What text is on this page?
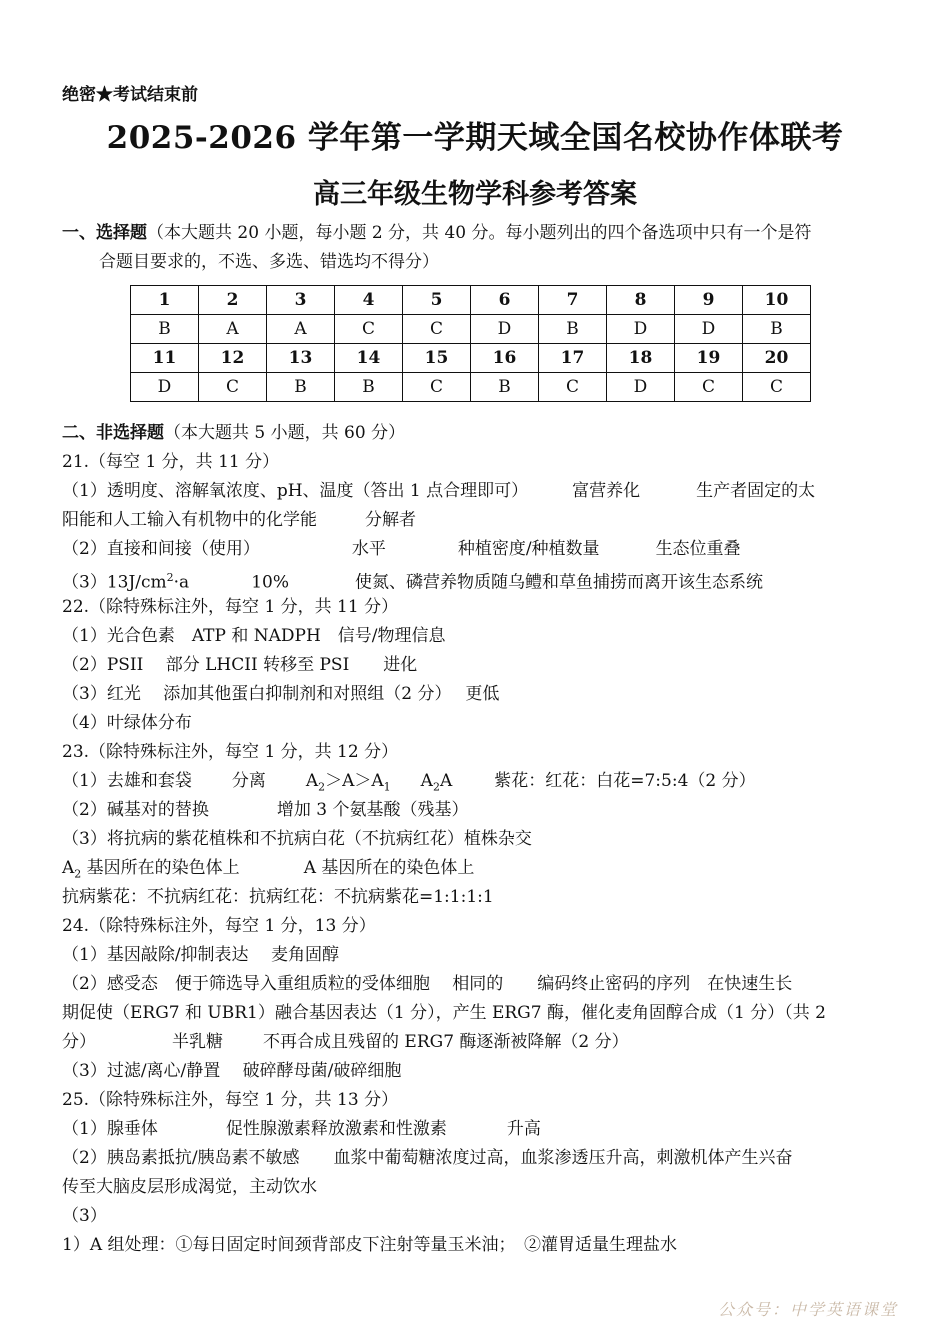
绝密★考试结束前
2025-2026 学年第一学期天域全国名校协作体联考
高三年级生物学科参考答案
一、选择题（本大题共 20 小题，每小题 2 分，共 40 分。每小题列出的四个备选项中只有一个是符
合题目要求的，不选、多选、错选均不得分）
1	2	3	4	5	6	7	8	9	10
B	A	A	C	C	D	B	D	D	B
11	12	13	14	15	16	17	18	19	20
D	C	B	B	C	B	C	D	C	C
二、非选择题（本大题共 5 小题，共 60 分）
21.（每空 1 分，共 11 分）
（1）透明度、溶解氧浓度、pH、温度（答出 1 点合理即可）	富营养化	生产者固定的太
阳能和人工输入有机物中的化学能	分解者
（2）直接和间接（使用）	水平	种植密度/种植数量	生态位重叠
$(3)13J/cm^2\cdot a$	10%	使氮、磷营养物质随乌鳢和草鱼捕捞而离开该生态系统
22.（除特殊标注外，每空 1 分，共 11 分）
（1）光合色素　ATP 和 NADPH　信号/物理信息
（2）PSII　 部分 LHCII 转移至 PSI　　进化
（3）红光　 添加其他蛋白抑制剂和对照组（2 分）　 更低
（4）叶绿体分布
23.（除特殊标注外，每空 1 分，共 12 分）
（1）去雄和套袋 分离 $A_2>A>A_1$ $A_2A$ 紫花：红花：白花=7:5:4（2 分）
（2）碱基对的替换	增加 3 个氨基酸（残基）
（3）将抗病的紫花植株和不抗病白花（不抗病红花）植株杂交
$A_2$ 基因所在的染色体上	A 基因所在的染色体上
抗病紫花：不抗病红花：抗病红花：不抗病紫花=1:1:1:1
24.（除特殊标注外，每空 1 分，13 分）
（1）基因敲除/抑制表达　 麦角固醇
（2）感受态　便于筛选导入重组质粒的受体细胞　 相同的　　编码终止密码的序列　在快速生长
期促使（ERG7 和 UBR1）融合基因表达（1 分），产生 ERG7 酶，催化麦角固醇合成（1 分）（共 2
分）	半乳糖 不再合成且残留的 ERG7 酶逐渐被降解（2 分）
（3）过滤/离心/静置　 破碎酵母菌/破碎细胞
25.（除特殊标注外，每空 1 分，共 13 分）
（1）腺垂体	促性腺激素释放激素和性激素	升高
（2）胰岛素抵抗/胰岛素不敏感　　血浆中葡萄糖浓度过高，血浆渗透压升高，刺激机体产生兴奋
传至大脑皮层形成渴觉，主动饮水
（3）
1）A 组处理：①每日固定时间颈背部皮下注射等量玉米油；　②灌胃适量生理盐水
公众号：中学英语课堂
